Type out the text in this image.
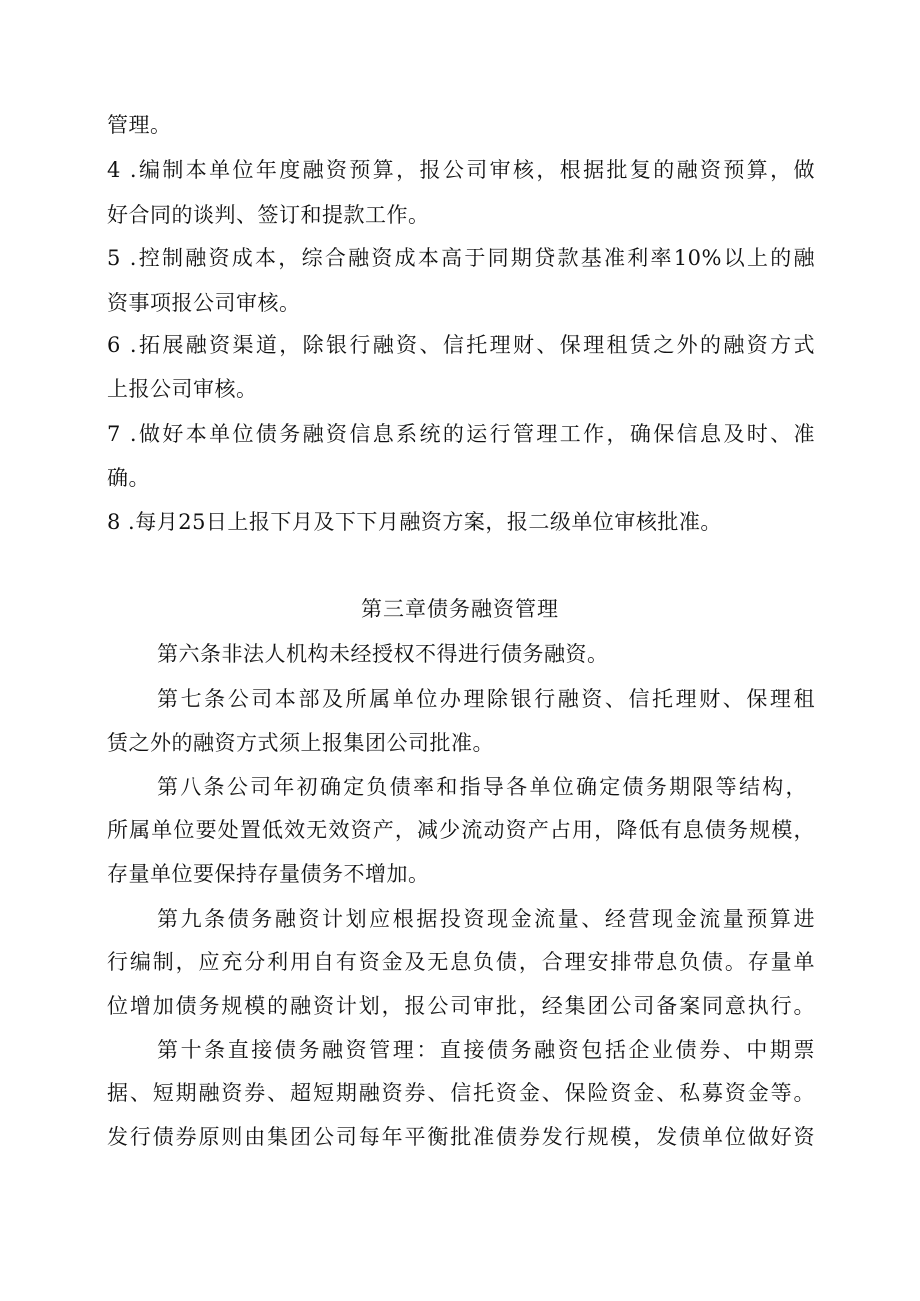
管理。
4 .编制本单位年度融资预算，报公司审核，根据批复的融资预算，做
好合同的谈判、签订和提款工作。
5 .控制融资成本，综合融资成本高于同期贷款基准利率10%以上的融
资事项报公司审核。
6 .拓展融资渠道，除银行融资、信托理财、保理租赁之外的融资方式
上报公司审核。
7 .做好本单位债务融资信息系统的运行管理工作，确保信息及时、准
确。
8 .每月25日上报下月及下下月融资方案，报二级单位审核批准。
第三章债务融资管理
第六条非法人机构未经授权不得进行债务融资。
第七条公司本部及所属单位办理除银行融资、信托理财、保理租
赁之外的融资方式须上报集团公司批准。
第八条公司年初确定负债率和指导各单位确定债务期限等结构，
所属单位要处置低效无效资产，减少流动资产占用，降低有息债务规模，
存量单位要保持存量债务不增加。
第九条债务融资计划应根据投资现金流量、经营现金流量预算进
行编制，应充分利用自有资金及无息负债，合理安排带息负债。存量单
位增加债务规模的融资计划，报公司审批，经集团公司备案同意执行。
第十条直接债务融资管理：直接债务融资包括企业债券、中期票
据、短期融资券、超短期融资券、信托资金、保险资金、私募资金等。
发行债券原则由集团公司每年平衡批准债券发行规模，发债单位做好资
